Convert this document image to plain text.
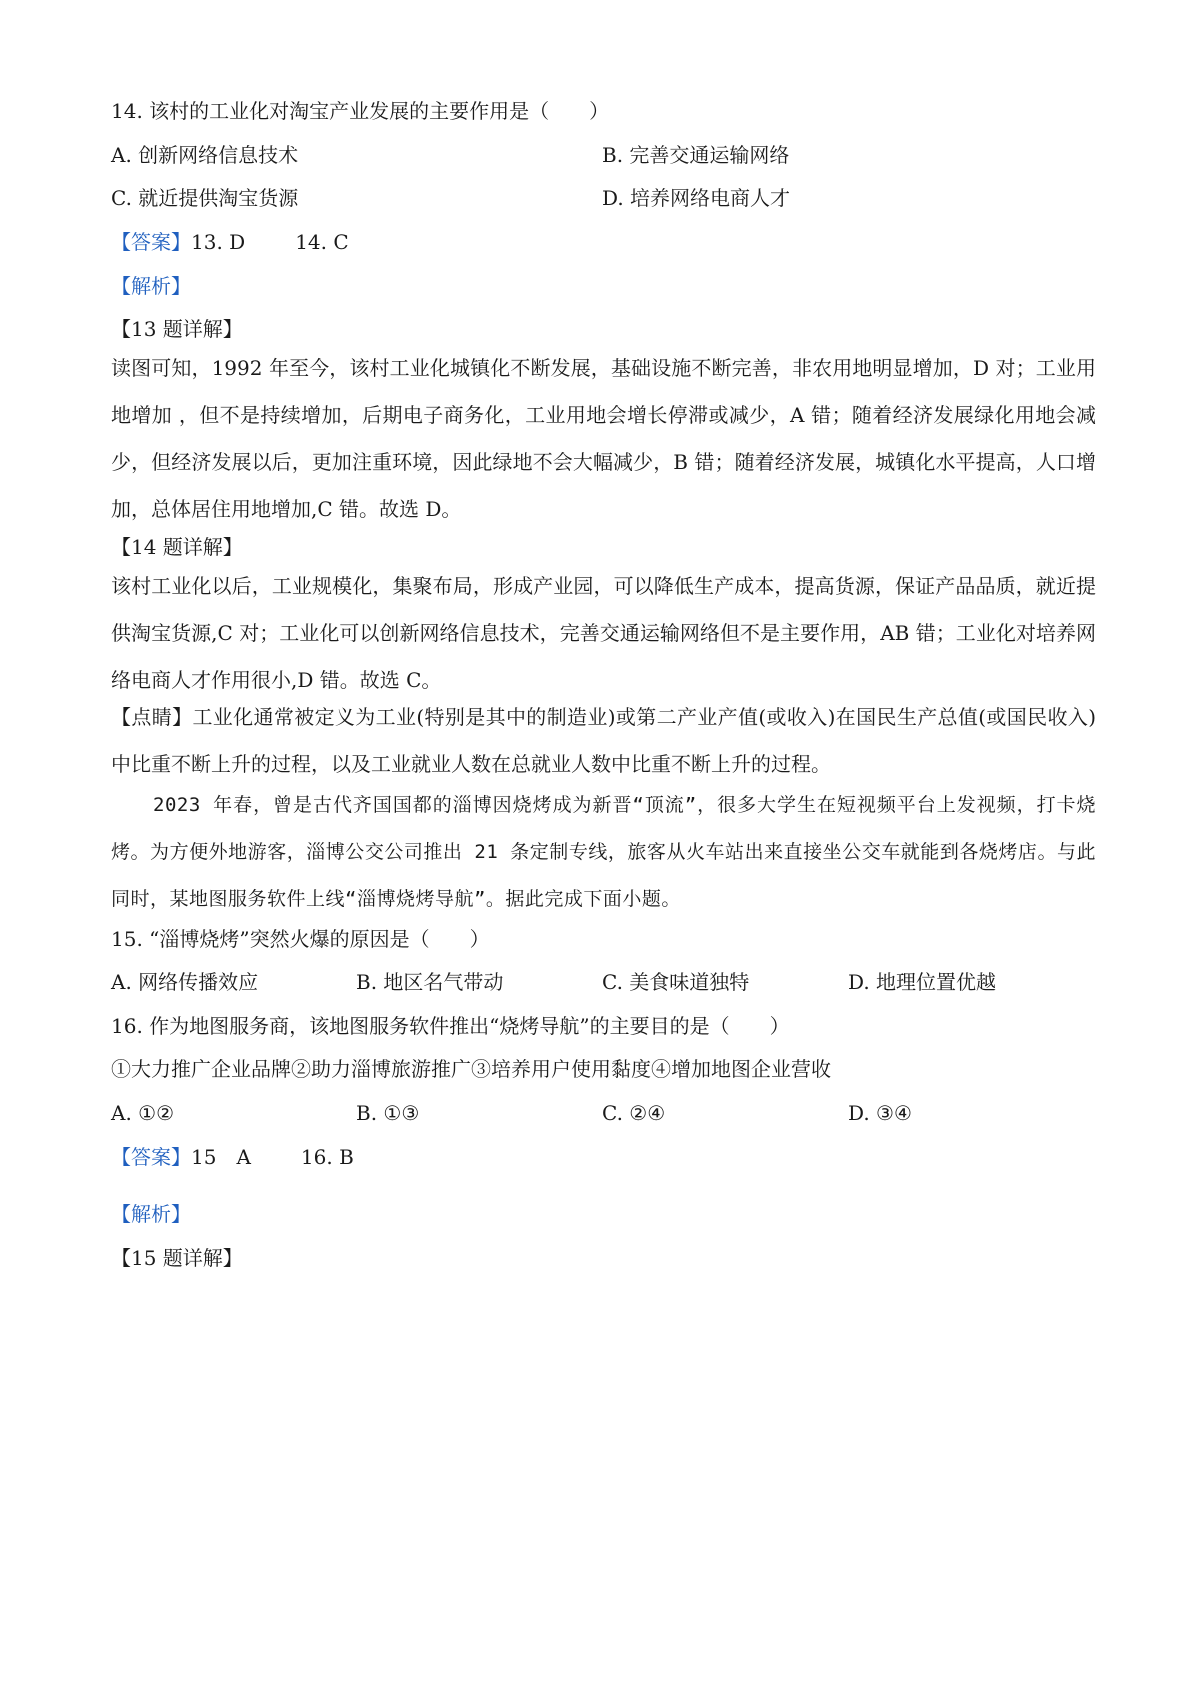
14. 该村的工业化对淘宝产业发展的主要作用是（　　）
A. 创新网络信息技术	B. 完善交通运输网络
C. 就近提供淘宝货源	D. 培养网络电商人才
【答案】13. D	14. C
【解析】
【13 题详解】
读图可知，1992 年至今，该村工业化城镇化不断发展，基础设施不断完善，非农用地明显增加，D 对；工业用地增加 ，但不是持续增加，后期电子商务化，工业用地会增长停滞或减少，A 错；随着经济发展绿化用地会减少，但经济发展以后，更加注重环境，因此绿地不会大幅减少，B 错；随着经济发展，城镇化水平提高，人口增加，总体居住用地增加,C 错。故选 D。
【14 题详解】
该村工业化以后，工业规模化，集聚布局，形成产业园，可以降低生产成本，提高货源，保证产品品质，就近提供淘宝货源,C 对；工业化可以创新网络信息技术，完善交通运输网络但不是主要作用，AB 错；工业化对培养网络电商人才作用很小,D 错。故选 C。
【点睛】工业化通常被定义为工业(特别是其中的制造业)或第二产业产值(或收入)在国民生产总值(或国民收入)中比重不断上升的过程，以及工业就业人数在总就业人数中比重不断上升的过程。
2023 年春，曾是古代齐国国都的淄博因烧烤成为新晋“顶流”，很多大学生在短视频平台上发视频，打卡烧烤。为方便外地游客，淄博公交公司推出 21 条定制专线，旅客从火车站出来直接坐公交车就能到各烧烤店。与此同时，某地图服务软件上线“淄博烧烤导航”。据此完成下面小题。
15. “淄博烧烤”突然火爆的原因是（　　）
A. 网络传播效应	B. 地区名气带动	C. 美食味道独特	D. 地理位置优越
16. 作为地图服务商，该地图服务软件推出“烧烤导航”的主要目的是（　　）
①大力推广企业品牌②助力淄博旅游推广③培养用户使用黏度④增加地图企业营收
A. ①②	B. ①③	C. ②④	D. ③④
【答案】15　A	16. B
【解析】
【15 题详解】
